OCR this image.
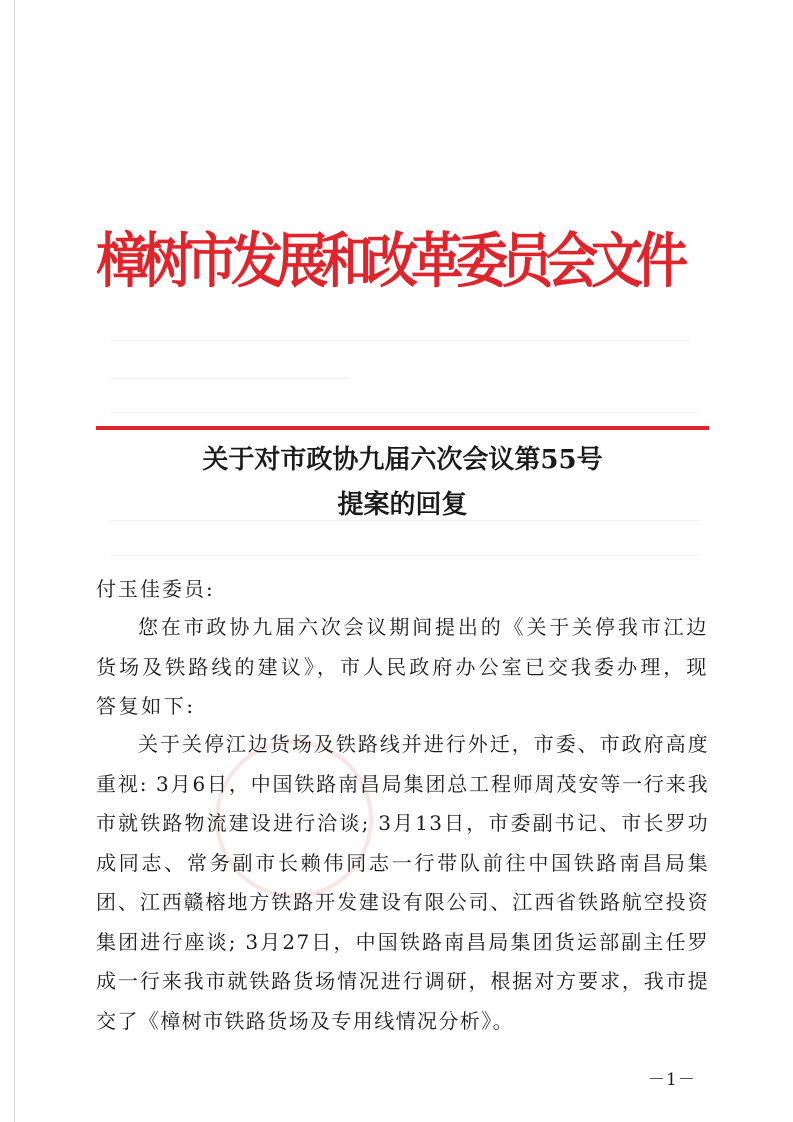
樟树市发展和改革委员会文件
关于对市政协九届六次会议第55号
提案的回复
付玉佳委员:

您在市政协九届六次会议期间提出的《关于关停我市江边货场及铁路线的建议》，市人民政府办公室已交我委办理，现答复如下:

关于关停江边货场及铁路线并进行外迁，市委、市政府高度重视: 3月6日，中国铁路南昌局集团总工程师周茂安等一行来我市就铁路物流建设进行洽谈; 3月13日，市委副书记、市长罗功成同志、常务副市长赖伟同志一行带队前往中国铁路南昌局集团、江西赣榕地方铁路开发建设有限公司、江西省铁路航空投资集团进行座谈; 3月27日，中国铁路南昌局集团货运部副主任罗成一行来我市就铁路货场情况进行调研，根据对方要求，我市提交了《樟树市铁路货场及专用线情况分析》。

－1－
